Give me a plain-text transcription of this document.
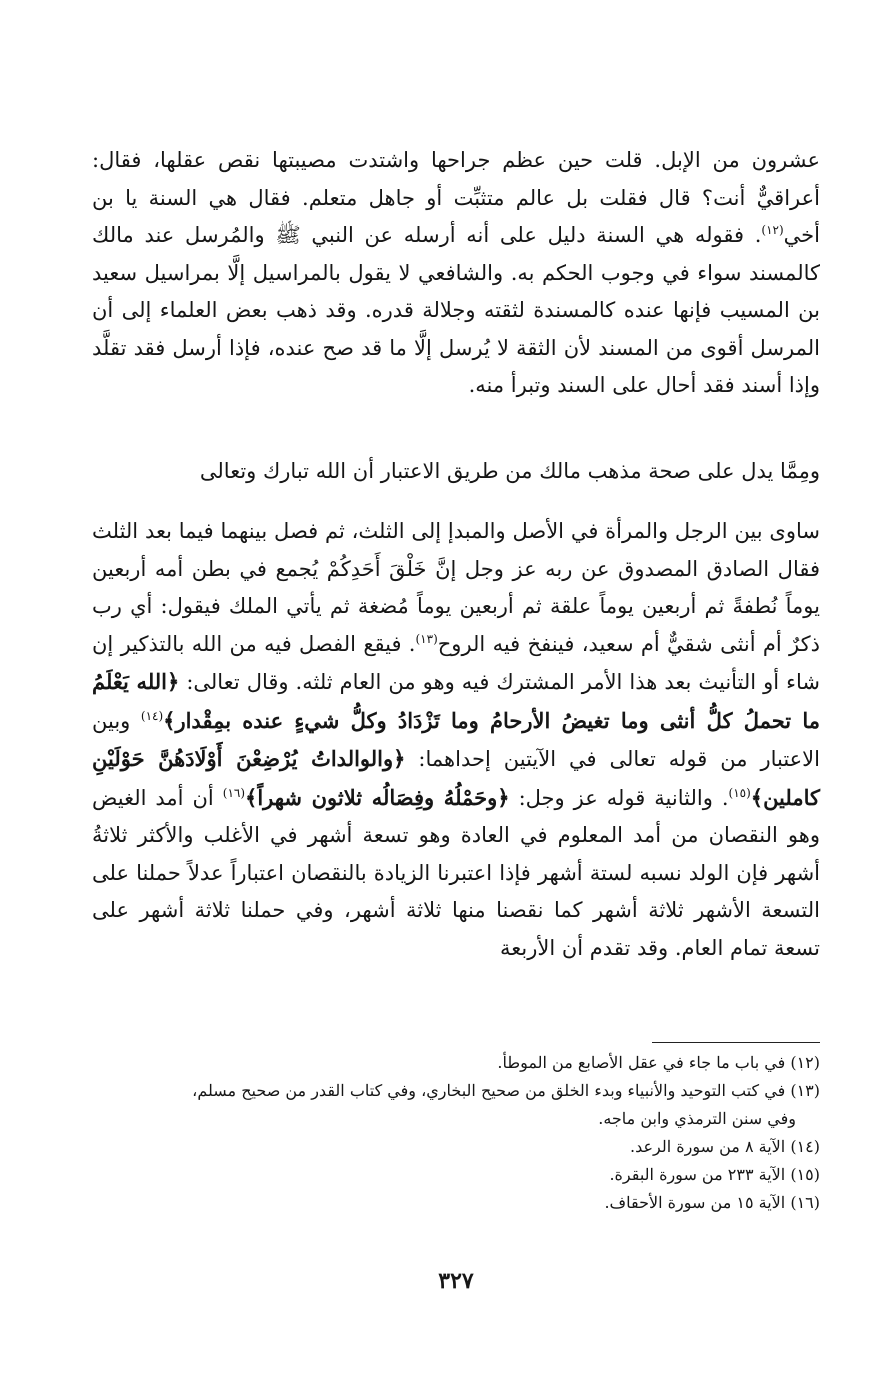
عشرون من الإبل. قلت حين عظم جراحها واشتدت مصيبتها نقص عقلها، فقال: أعراقيٌّ أنت؟ قال فقلت بل عالم متثبِّت أو جاهل متعلم. فقال هي السنة يا بن أخي$^{(١٢)}$. فقوله هي السنة دليل على أنه أرسله عن النبي ﷺ والمُرسل عند مالك كالمسند سواء في وجوب الحكم به. والشافعي لا يقول بالمراسيل إلَّا بمراسيل سعيد بن المسيب فإنها عنده كالمسندة لثقته وجلالة قدره. وقد ذهب بعض العلماء إلى أن المرسل أقوى من المسند لأن الثقة لا يُرسل إلَّا ما قد صح عنده، فإذا أرسل فقد تقلَّد وإذا أسند فقد أحال على السند وتبرأ منه.

ومِمَّا يدل على صحة مذهب مالك من طريق الاعتبار أن الله تبارك وتعالى

ساوى بين الرجل والمرأة في الأصل والمبدإ إلى الثلث، ثم فصل بينهما فيما بعد الثلث فقال الصادق المصدوق عن ربه عز وجل إنَّ خَلْقَ أَحَدِكُمْ يُجمع في بطن أمه أربعين يوماً نُطفةً ثم أربعين يوماً علقة ثم أربعين يوماً مُضغة ثم يأتي الملك فيقول: أي رب ذكرٌ أم أنثى شقيٌّ أم سعيد، فينفخ فيه الروح$^{(١٣)}$. فيقع الفصل فيه من الله بالتذكير إن شاء أو التأنيث بعد هذا الأمر المشترك فيه وهو من العام ثلثه. وقال تعالى: ﴿الله يَعْلَمُ ما تحملُ كلُّ أنثى وما تغيضُ الأرحامُ وما تَزْدَادُ وكلُّ شيءٍ عنده بمِقْدار﴾$^{(١٤)}$ وبين الاعتبار من قوله تعالى في الآيتين إحداهما: ﴿والوالداتُ يُرْضِعْنَ أَوْلَادَهُنَّ حَوْلَيْنِ كاملين﴾$^{(١٥)}$. والثانية قوله عز وجل: ﴿وحَمْلُهُ وفِصَالُه ثلاثون شهراً﴾$^{(١٦)}$ أن أمد الغيض وهو النقصان من أمد المعلوم في العادة وهو تسعة أشهر في الأغلب والأكثر ثلاثةُ أشهر فإن الولد نسبه لستة أشهر فإذا اعتبرنا الزيادة بالنقصان اعتباراً عدلاً حملنا على التسعة الأشهر ثلاثة أشهر كما نقصنا منها ثلاثة أشهر، وفي حملنا ثلاثة أشهر على تسعة تمام العام. وقد تقدم أن الأربعة

(١٢) في باب ما جاء في عقل الأصابع من الموطأ.
(١٣) في كتب التوحيد والأنبياء وبدء الخلق من صحيح البخاري، وفي كتاب القدر من صحيح مسلم،
وفي سنن الترمذي وابن ماجه.
(١٤) الآية ٨ من سورة الرعد.
(١٥) الآية ٢٣٣ من سورة البقرة.
(١٦) الآية ١٥ من سورة الأحقاف.
٣٢٧
